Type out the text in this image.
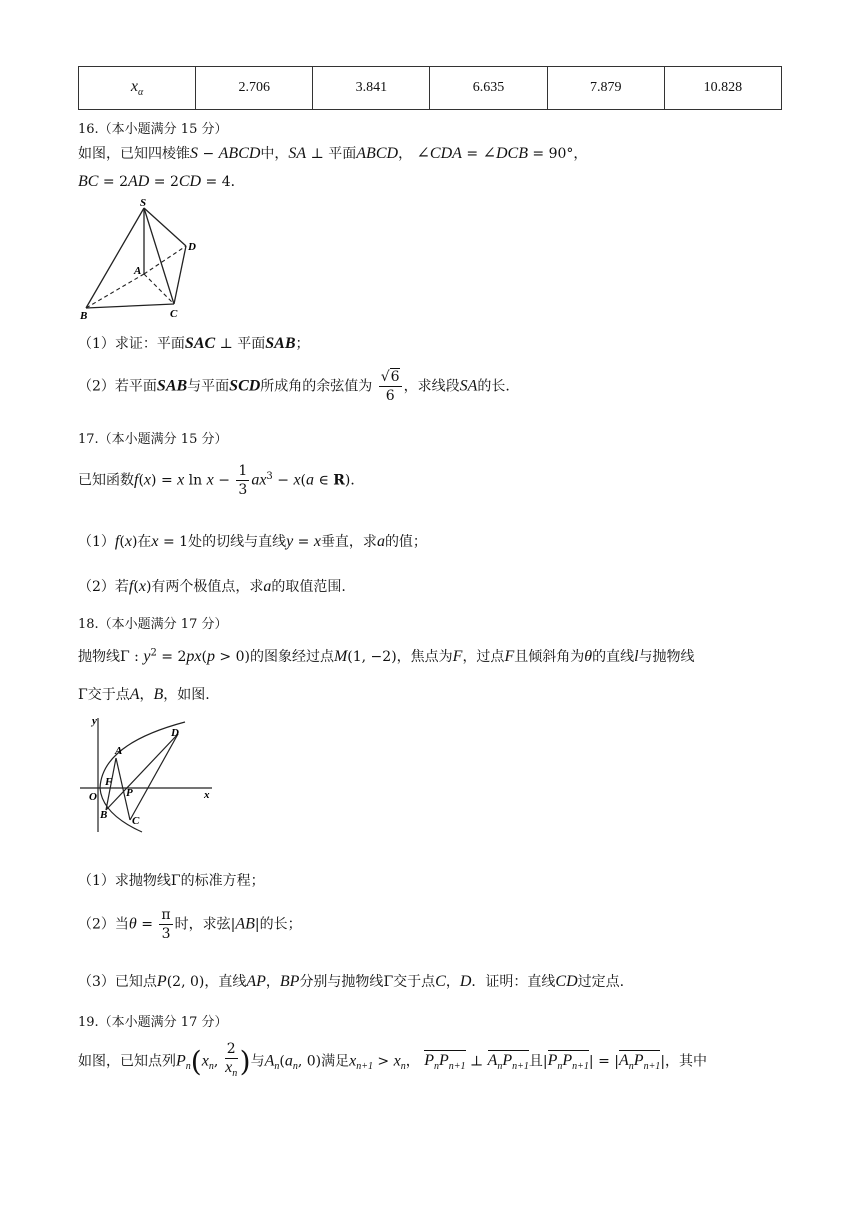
$x_\alpha$	2.706	3.841	6.635	7.879	10.828
16.（本小题满分 15 分）
如图，已知四棱锥S − ABCD中，SA ⊥ 平面ABCD， ∠CDA = ∠DCB = 90°，
BC = 2AD = 2CD = 4．
S
A
D
B	C
（1）求证：平面SAC ⊥ 平面SAB；
（2）若平面SAB与平面SCD所成角的余弦值为 $\frac{√6}{6}$ ，求线段SA的长.
17.（本小题满分 15 分）
已知函数f(x) = x $\ln x - \frac{1}{3} ax^3 - x(a$ ∈ R)．
（1）f(x)在x = 1处的切线与直线y = x垂直，求a的值；
（2）若f(x)有两个极值点，求a的取值范围.
18.（本小题满分 17 分）
抛物线Γ : $y^2 = 2px(p > 0)$的图象经过点M(1, −2)，焦点为F，过点F且倾斜角为θ的直线l与抛物线
Γ交于点A，B，如图.
y
x
O
A
B C
D
F
P
（1）求抛物线Γ的标准方程；
（2）当$\theta = \frac{\pi}{3}$ 时，求弦|AB|的长；
（3）已知点P(2, 0)，直线AP，BP分别与抛物线Γ交于点C，D．证明：直线CD过定点.
19.（本小题满分 17 分）
如图，已知点列$P_n(x_n$, $\frac{2}{x_n}$ )与$A_n(a_n$, 0)满足$x_{n+1} > x_n$， $P_nP_{n+1}$ ⊥ $A_nP_{n+1}$且$|P_nP_{n+1}| = |A_nP_{n+1}|$，其中
